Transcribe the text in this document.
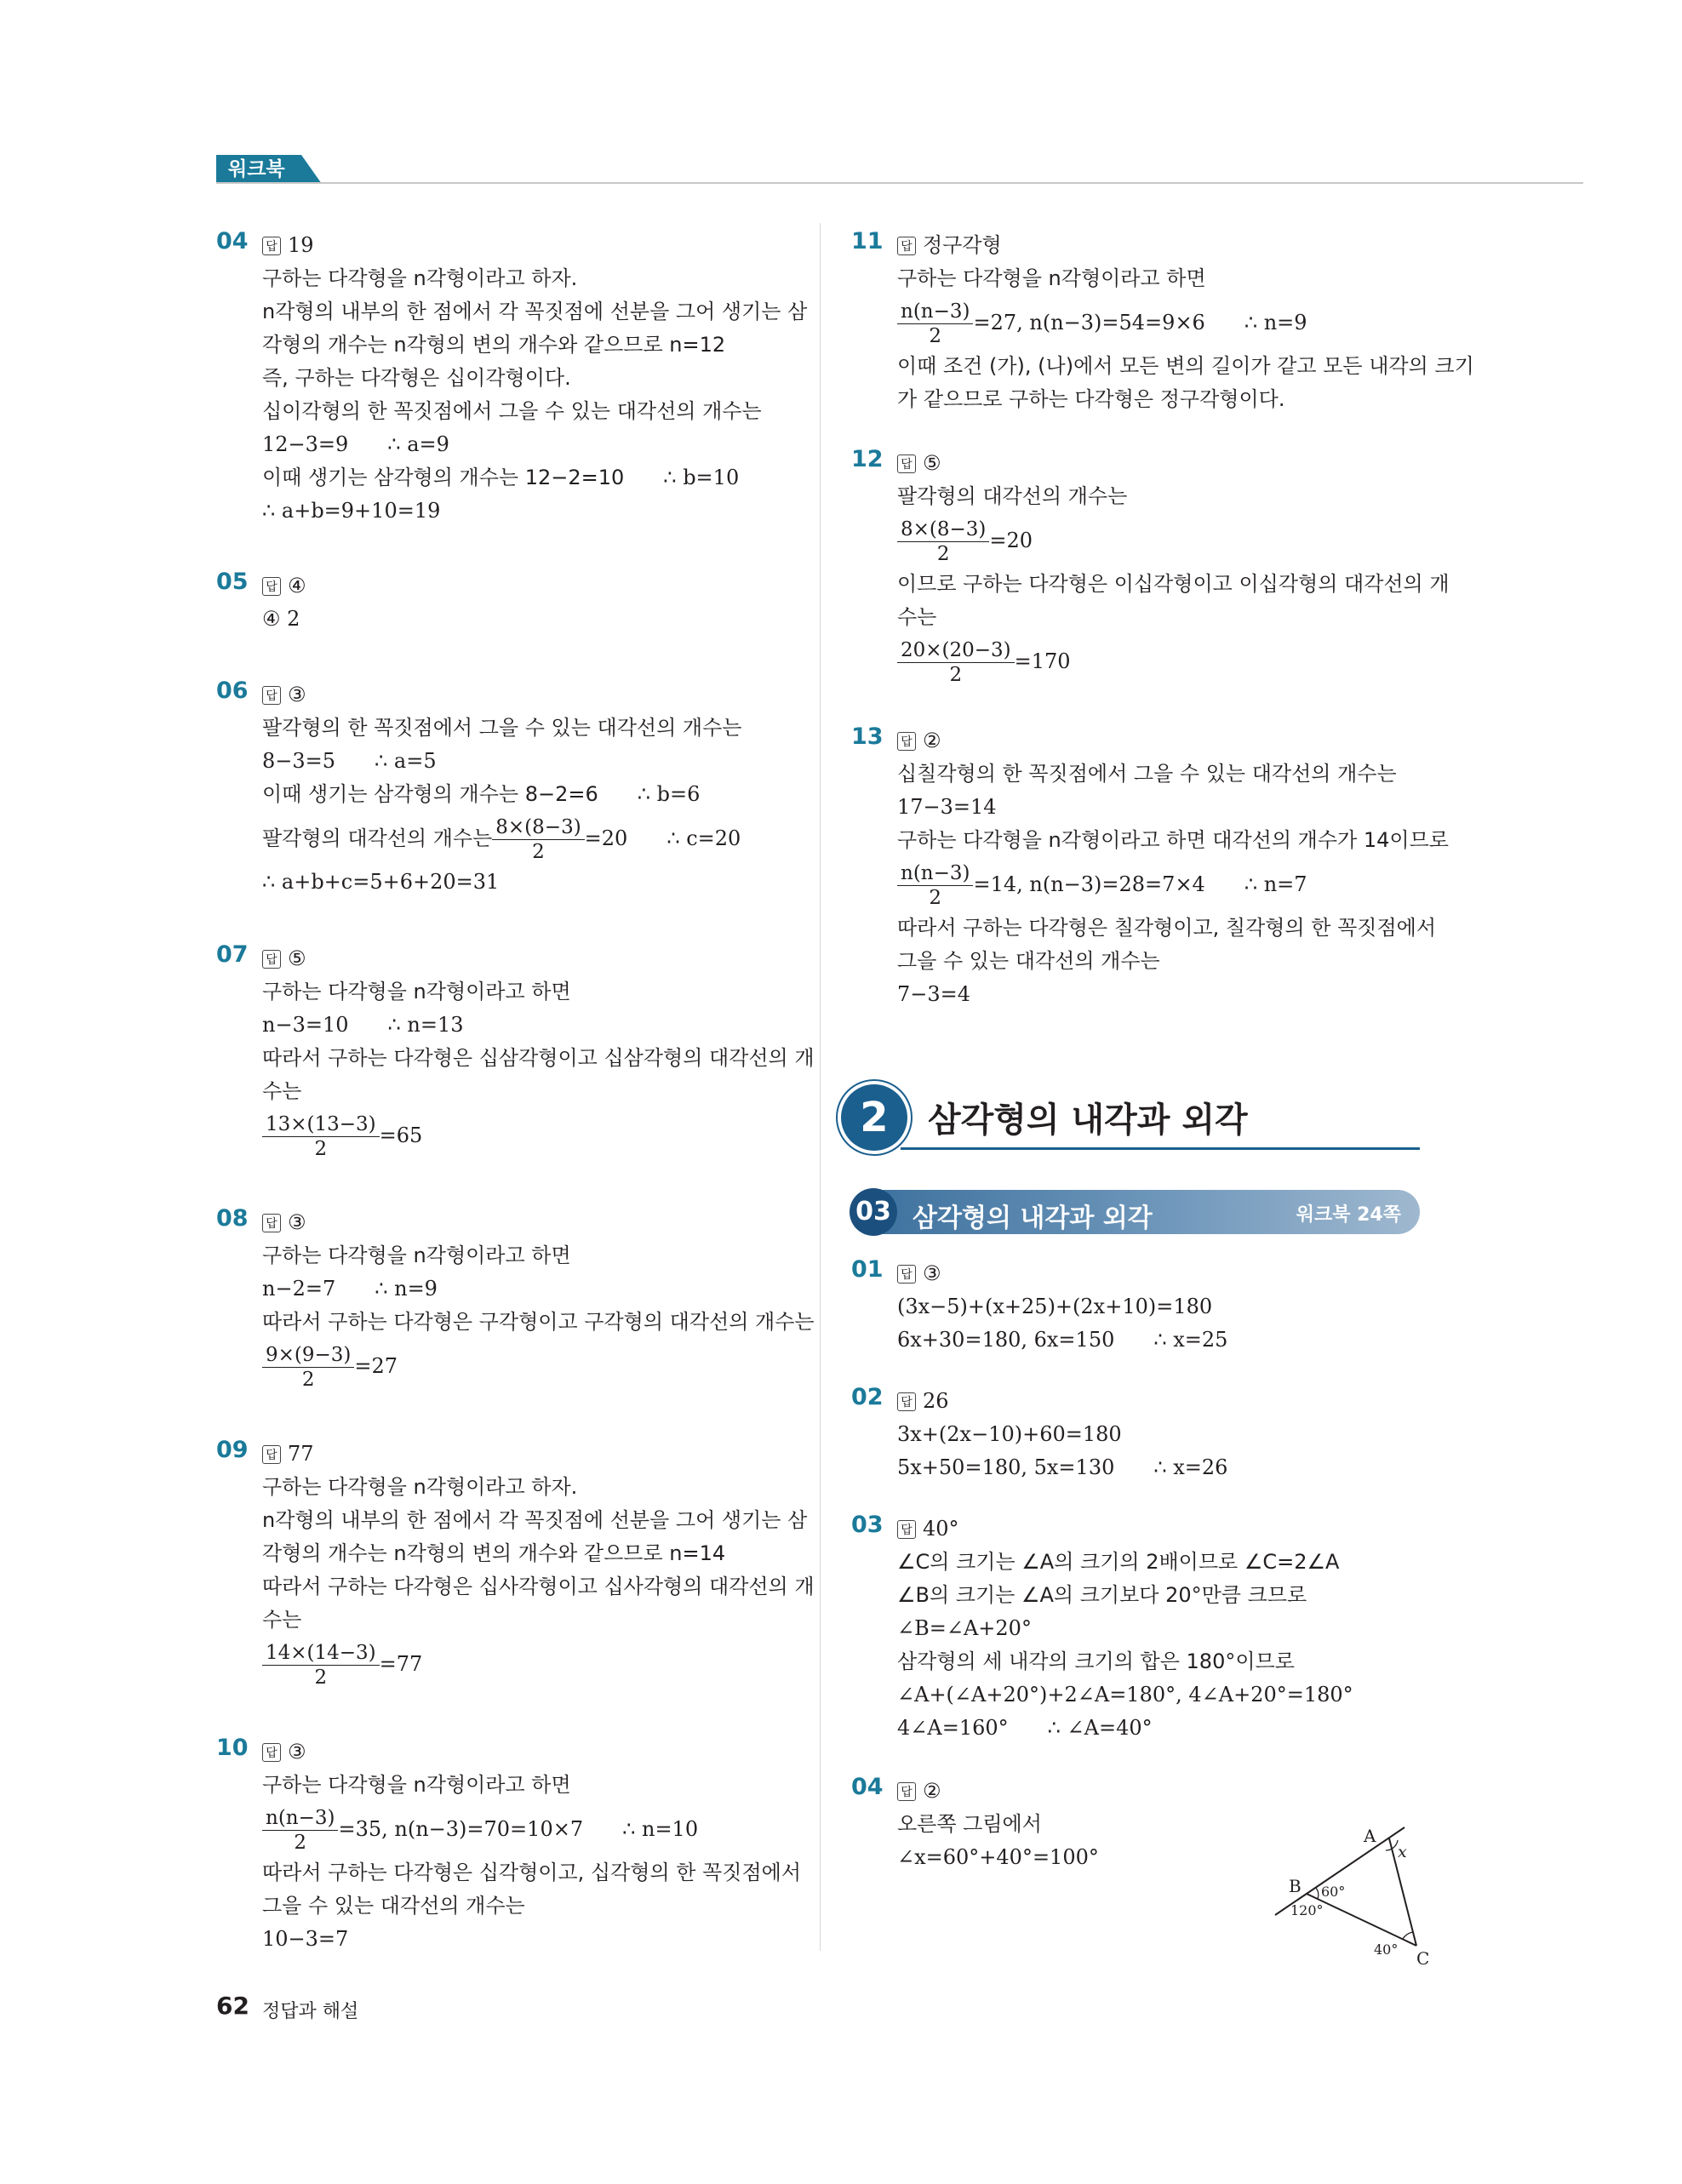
워크북
04	답 19
구하는 다각형을 n각형이라고 하자.
n각형의 내부의 한 점에서 각 꼭짓점에 선분을 그어 생기는 삼
각형의 개수는 n각형의 변의 개수와 같으므로 n=12
즉, 구하는 다각형은 십이각형이다.
십이각형의 한 꼭짓점에서 그을 수 있는 대각선의 개수는
12−3=9 ∴ a=9
이때 생기는 삼각형의 개수는 12−2=10 ∴ b=10
∴ a+b=9+10=19
05	답 ④
④ 2
06	답 ③
팔각형의 한 꼭짓점에서 그을 수 있는 대각선의 개수는
8−3=5 ∴ a=5
이때 생기는 삼각형의 개수는 8−2=6 ∴ b=6
팔각형의 대각선의 개수는 $\frac{8\times(8-3)}{2} =20$ ∴ c=20
∴ a+b+c=5+6+20=31
07	답 ⑤
구하는 다각형을 n각형이라고 하면
n−3=10 ∴ n=13
따라서 구하는 다각형은 십삼각형이고 십삼각형의 대각선의 개
수는
$\frac{13\times(13-3)}{2} =65$
08	답 ③
구하는 다각형을 n각형이라고 하면
n−2=7 ∴ n=9
따라서 구하는 다각형은 구각형이고 구각형의 대각선의 개수는
$\frac{9\times(9-3)}{2} =27$
09	답 77
구하는 다각형을 n각형이라고 하자.
n각형의 내부의 한 점에서 각 꼭짓점에 선분을 그어 생기는 삼
각형의 개수는 n각형의 변의 개수와 같으므로 n=14
따라서 구하는 다각형은 십사각형이고 십사각형의 대각선의 개
수는
$\frac{14\times(14-3)}{2} =77$
10	답 ③
구하는 다각형을 n각형이라고 하면
$\frac{n(n-3)}{2} =35$, n(n−3)=70=10×7 ∴ n=10
따라서 구하는 다각형은 십각형이고, 십각형의 한 꼭짓점에서
그을 수 있는 대각선의 개수는
10−3=7
11	답 정구각형
구하는 다각형을 n각형이라고 하면
$\frac{n(n-3)}{2} =27$, n(n−3)=54=9×6 ∴ n=9
이때 조건 (가), (나)에서 모든 변의 길이가 같고 모든 내각의 크기
가 같으므로 구하는 다각형은 정구각형이다.
12	답 ⑤
팔각형의 대각선의 개수는
$\frac{8\times(8-3)}{2} =20$
이므로 구하는 다각형은 이십각형이고 이십각형의 대각선의 개
수는
$\frac{20\times(20-3)}{2} =170$
13	답 ②
십칠각형의 한 꼭짓점에서 그을 수 있는 대각선의 개수는
17−3=14
구하는 다각형을 n각형이라고 하면 대각선의 개수가 14이므로
$\frac{n(n-3)}{2} =14$, n(n−3)=28=7×4 ∴ n=7
따라서 구하는 다각형은 칠각형이고, 칠각형의 한 꼭짓점에서
그을 수 있는 대각선의 개수는
7−3=4
2	삼각형의 내각과 외각
03 삼각형의 내각과 외각	워크북 24쪽
01	답 ③
(3x−5)+(x+25)+(2x+10)=180
6x+30=180, 6x=150 ∴ x=25
02	답 26
3x+(2x−10)+60=180
5x+50=180, 5x=130 ∴ x=26
03	답 40°
∠C의 크기는 ∠A의 크기의 2배이므로 ∠C=2∠A
∠B의 크기는 ∠A의 크기보다 20°만큼 크므로
∠B=∠A+20°
삼각형의 세 내각의 크기의 합은 180°이므로
∠A+(∠A+20°)+2∠A=180°, 4∠A+20°=180°
4∠A=160° ∴ ∠A=40°
04	답 ②
오른쪽 그림에서
∠x=60°+40°=100°
A
B
C
x
60°
120°
40°
62 정답과 해설
